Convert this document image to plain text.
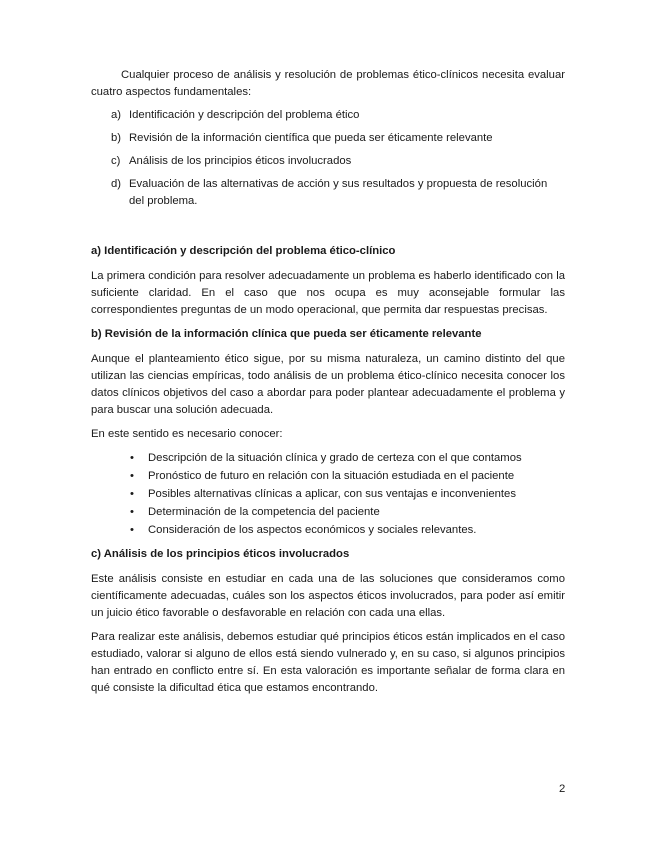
Cualquier proceso de análisis y resolución de problemas ético-clínicos necesita evaluar cuatro aspectos fundamentales:

a) Identificación y descripción del problema ético
b) Revisión de la información científica que pueda ser éticamente relevante
c) Análisis de los principios éticos involucrados
d) Evaluación de las alternativas de acción y sus resultados y propuesta de resolución del problema.
a) Identificación y descripción del problema ético-clínico

La primera condición para resolver adecuadamente un problema es haberlo identificado con la suficiente claridad. En el caso que nos ocupa es muy aconsejable formular las correspondientes preguntas de un modo operacional, que permita dar respuestas precisas.

b) Revisión de la información clínica que pueda ser éticamente relevante

Aunque el planteamiento ético sigue, por su misma naturaleza, un camino distinto del que utilizan las ciencias empíricas, todo análisis de un problema ético-clínico necesita conocer los datos clínicos objetivos del caso a abordar para poder plantear adecuadamente el problema y para buscar una solución adecuada.

En este sentido es necesario conocer:

• Descripción de la situación clínica y grado de certeza con el que contamos
• Pronóstico de futuro en relación con la situación estudiada en el paciente
• Posibles alternativas clínicas a aplicar, con sus ventajas e inconvenientes
• Determinación de la competencia del paciente
• Consideración de los aspectos económicos y sociales relevantes.
c) Análisis de los principios éticos involucrados

Este análisis consiste en estudiar en cada una de las soluciones que consideramos como científicamente adecuadas, cuáles son los aspectos éticos involucrados, para poder así emitir un juicio ético favorable o desfavorable en relación con cada una ellas.

Para realizar este análisis, debemos estudiar qué principios éticos están implicados en el caso estudiado, valorar si alguno de ellos está siendo vulnerado y, en su caso, si algunos principios han entrado en conflicto entre sí. En esta valoración es importante señalar de forma clara en qué consiste la dificultad ética que estamos encontrando.

2
